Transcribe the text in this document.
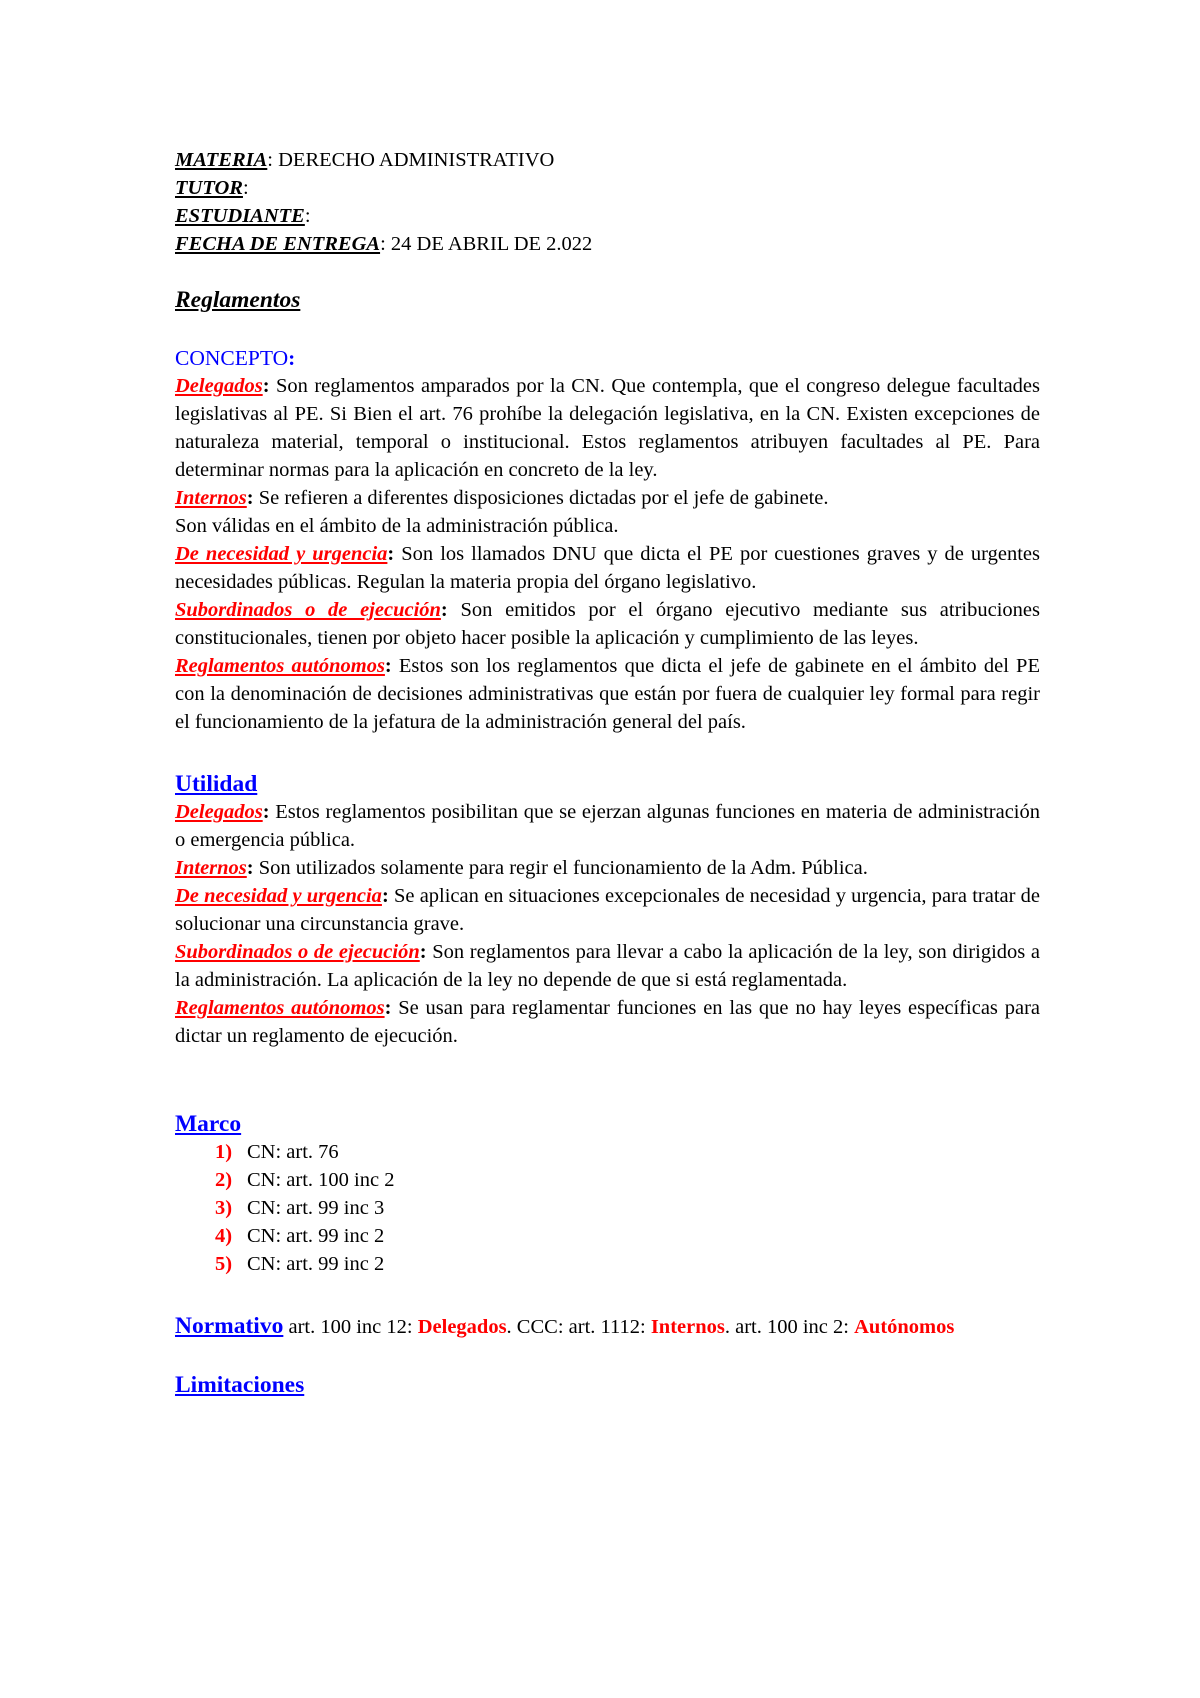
MATERIA: DERECHO ADMINISTRATIVO

TUTOR:

ESTUDIANTE:

FECHA DE ENTREGA: 24 DE ABRIL DE 2.022

Reglamentos

CONCEPTO:

Delegados: Son reglamentos amparados por la CN. Que contempla, que el congreso delegue facultades legislativas al PE. Si Bien el art. 76 prohíbe la delegación legislativa, en la CN. Existen excepciones de naturaleza material, temporal o institucional. Estos reglamentos atribuyen facultades al PE. Para determinar normas para la aplicación en concreto de la ley.

Internos: Se refieren a diferentes disposiciones dictadas por el jefe de gabinete.

Son válidas en el ámbito de la administración pública.

De necesidad y urgencia: Son los llamados DNU que dicta el PE por cuestiones graves y de urgentes necesidades públicas. Regulan la materia propia del órgano legislativo.

Subordinados o de ejecución: Son emitidos por el órgano ejecutivo mediante sus atribuciones constitucionales, tienen por objeto hacer posible la aplicación y cumplimiento de las leyes.

Reglamentos autónomos: Estos son los reglamentos que dicta el jefe de gabinete en el ámbito del PE con la denominación de decisiones administrativas que están por fuera de cualquier ley formal para regir el funcionamiento de la jefatura de la administración general del país.

Utilidad

Delegados: Estos reglamentos posibilitan que se ejerzan algunas funciones en materia de administración o emergencia pública.

Internos: Son utilizados solamente para regir el funcionamiento de la Adm. Pública.

De necesidad y urgencia: Se aplican en situaciones excepcionales de necesidad y urgencia, para tratar de solucionar una circunstancia grave.

Subordinados o de ejecución: Son reglamentos para llevar a cabo la aplicación de la ley, son dirigidos a la administración. La aplicación de la ley no depende de que si está reglamentada.

Reglamentos autónomos: Se usan para reglamentar funciones en las que no hay leyes específicas para dictar un reglamento de ejecución.

Marco

1) CN: art. 76
2) CN: art. 100 inc 2
3) CN: art. 99 inc 3
4) CN: art. 99 inc 2
5) CN: art. 99 inc 2

Normativo art. 100 inc 12: Delegados. CCC: art. 1112: Internos. art. 100 inc 2: Autónomos

Limitaciones
